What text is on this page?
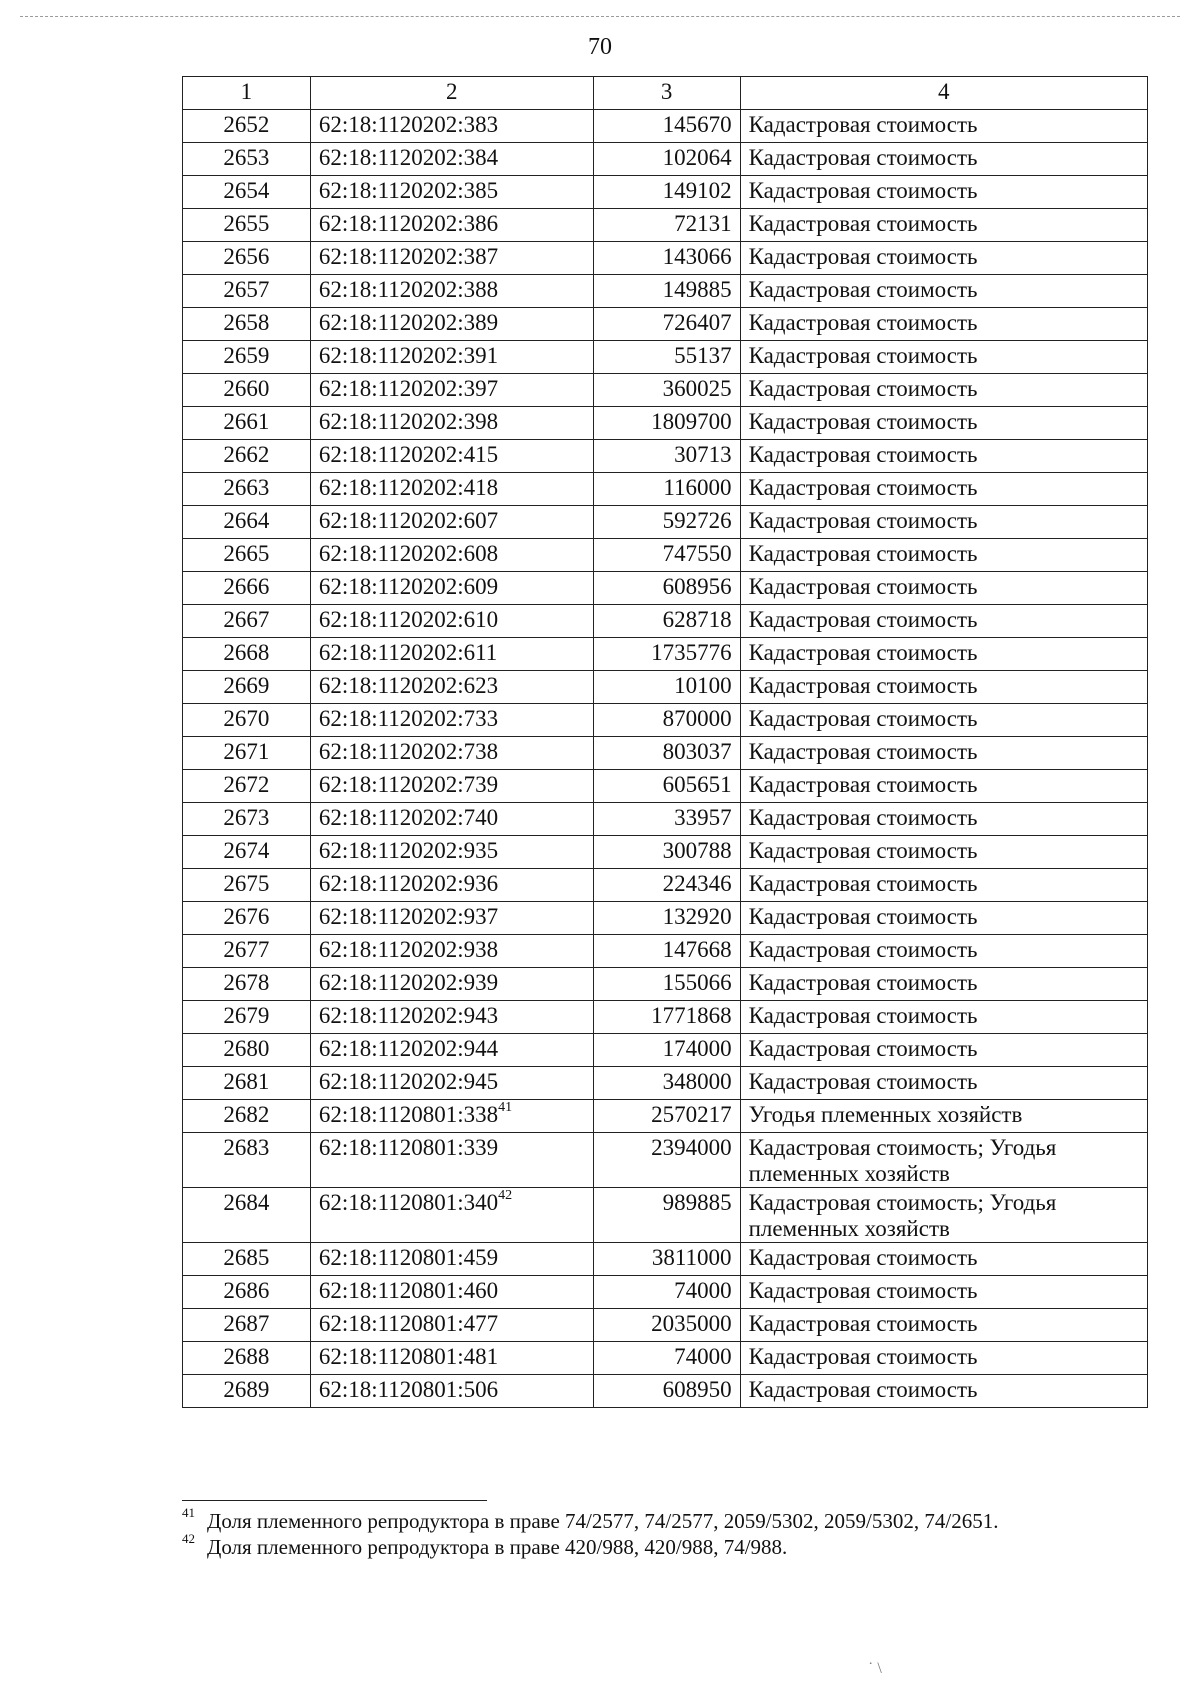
70
1	2	3	4
2652	62:18:1120202:383	145670	Кадастровая стоимость
2653	62:18:1120202:384	102064	Кадастровая стоимость
2654	62:18:1120202:385	149102	Кадастровая стоимость
2655	62:18:1120202:386	72131	Кадастровая стоимость
2656	62:18:1120202:387	143066	Кадастровая стоимость
2657	62:18:1120202:388	149885	Кадастровая стоимость
2658	62:18:1120202:389	726407	Кадастровая стоимость
2659	62:18:1120202:391	55137	Кадастровая стоимость
2660	62:18:1120202:397	360025	Кадастровая стоимость
2661	62:18:1120202:398	1809700	Кадастровая стоимость
2662	62:18:1120202:415	30713	Кадастровая стоимость
2663	62:18:1120202:418	116000	Кадастровая стоимость
2664	62:18:1120202:607	592726	Кадастровая стоимость
2665	62:18:1120202:608	747550	Кадастровая стоимость
2666	62:18:1120202:609	608956	Кадастровая стоимость
2667	62:18:1120202:610	628718	Кадастровая стоимость
2668	62:18:1120202:611	1735776	Кадастровая стоимость
2669	62:18:1120202:623	10100	Кадастровая стоимость
2670	62:18:1120202:733	870000	Кадастровая стоимость
2671	62:18:1120202:738	803037	Кадастровая стоимость
2672	62:18:1120202:739	605651	Кадастровая стоимость
2673	62:18:1120202:740	33957	Кадастровая стоимость
2674	62:18:1120202:935	300788	Кадастровая стоимость
2675	62:18:1120202:936	224346	Кадастровая стоимость
2676	62:18:1120202:937	132920	Кадастровая стоимость
2677	62:18:1120202:938	147668	Кадастровая стоимость
2678	62:18:1120202:939	155066	Кадастровая стоимость
2679	62:18:1120202:943	1771868	Кадастровая стоимость
2680	62:18:1120202:944	174000	Кадастровая стоимость
2681	62:18:1120202:945	348000	Кадастровая стоимость
2682	$62:18:1120801:338^{41}$	2570217	Угодья племенных хозяйств
2683	62:18:1120801:339	2394000	Кадастровая стоимость; Угодья племенных хозяйств
2684	$62:18:1120801:340^{42}$	989885	Кадастровая стоимость; Угодья племенных хозяйств
2685	62:18:1120801:459	3811000	Кадастровая стоимость
2686	62:18:1120801:460	74000	Кадастровая стоимость
2687	62:18:1120801:477	2035000	Кадастровая стоимость
2688	62:18:1120801:481	74000	Кадастровая стоимость
2689	62:18:1120801:506	608950	Кадастровая стоимость
$^{41}$ Доля племенного репродуктора в праве 74/2577, 74/2577, 2059/5302, 2059/5302, 74/2651.
$^{42}$ Доля племенного репродуктора в праве 420/988, 420/988, 74/988.
˙ \
